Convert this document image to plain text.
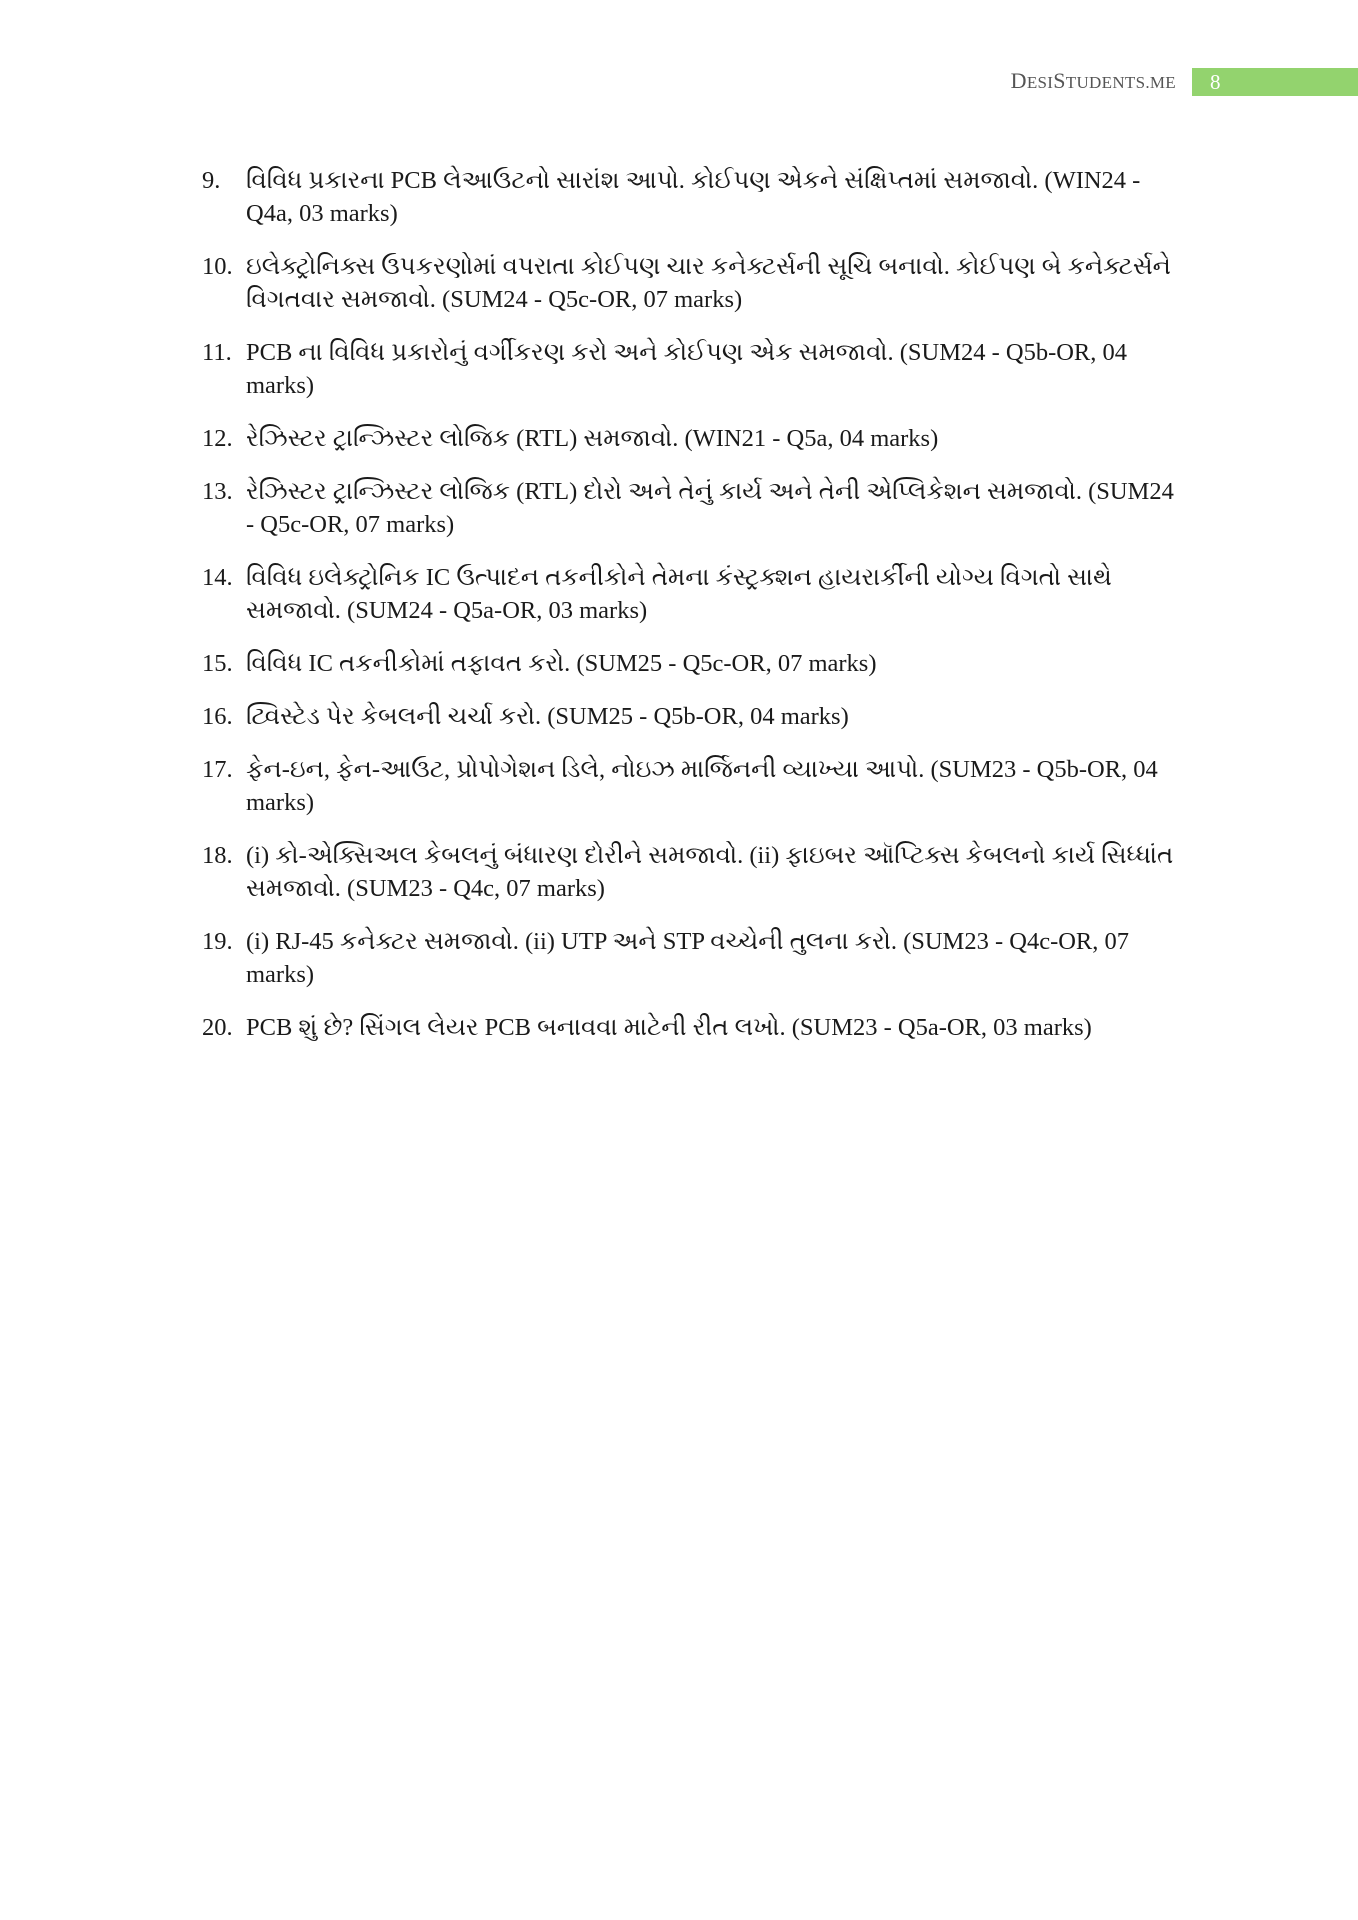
DESISTUDENTS.ME	8
9.	વિવિધ પ્રકારના PCB લેઆઉટનો સારાંશ આપો. કોઈપણ એકને સંક્ષિપ્તમાં સમજાવો. (WIN24 - Q4a, 03 marks)
10. ઇલેક્ટ્રોનિક્સ ઉપકરણોમાં વપરાતા કોઈપણ ચાર કનેક્ટર્સની સૂચિ બનાવો. કોઈપણ બે કનેક્ટર્સને વિગતવાર સમજાવો. (SUM24 - Q5c-OR, 07 marks)
11. PCB ના વિવિધ પ્રકારોનું વર્ગીકરણ કરો અને કોઈપણ એક સમજાવો. (SUM24 - Q5b-OR, 04 marks)
12. રેઝિસ્ટર ટ્રાન્ઝિસ્ટર લોજિક (RTL) સમજાવો. (WIN21 - Q5a, 04 marks)
13. રેઝિસ્ટર ટ્રાન્ઝિસ્ટર લોજિક (RTL) દોરો અને તેનું કાર્ય અને તેની એપ્લિકેશન સમજાવો. (SUM24 - Q5c-OR, 07 marks)
14. વિવિધ ઇલેક્ટ્રોનિક IC ઉત્પાદન તકનીકોને તેમના કંસ્ટ્રક્શન હાયરાર્કીની યોગ્ય વિગતો સાથે સમજાવો. (SUM24 - Q5a-OR, 03 marks)
15. વિવિધ IC તકનીકોમાં તફાવત કરો. (SUM25 - Q5c-OR, 07 marks)
16. ટ્વિસ્ટેડ પેર કેબલની ચર્ચા કરો. (SUM25 - Q5b-OR, 04 marks)
17. ફેન-ઇન, ફેન-આઉટ, પ્રોપોગેશન ડિલે, નોઇઝ માર્જિનની વ્યાખ્યા આપો. (SUM23 - Q5b-OR, 04 marks)
18. (i) કો-એક્સિઅલ કેબલનું બંધારણ દોરીને સમજાવો. (ii) ફાઇબર ઑપ્ટિક્સ કેબલનો કાર્ય સિધ્ધાંત સમજાવો. (SUM23 - Q4c, 07 marks)
19. (i) RJ-45 કનેક્ટર સમજાવો. (ii) UTP અને STP વચ્ચેની તુલના કરો. (SUM23 - Q4c-OR, 07 marks)
20. PCB શું છે? સિંગલ લેયર PCB બનાવવા માટેની રીત લખો. (SUM23 - Q5a-OR, 03 marks)
